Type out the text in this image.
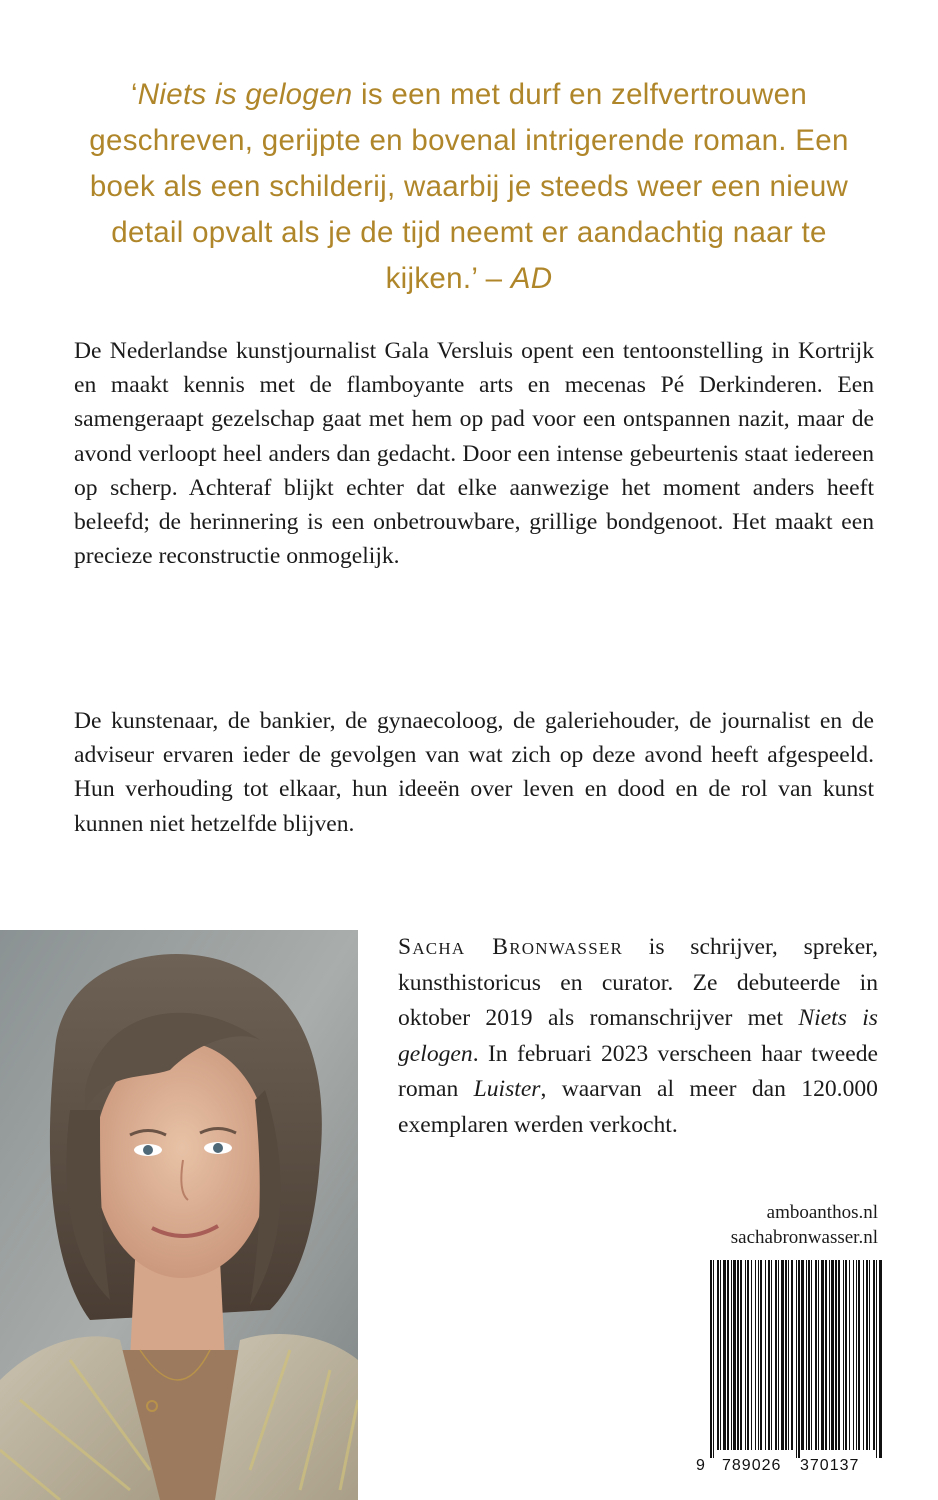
‘Niets is gelogen is een met durf en zelfvertrouwen geschreven, gerijpte en bovenal intrigerende roman. Een boek als een schilderij, waarbij je steeds weer een nieuw detail opvalt als je de tijd neemt er aandachtig naar te kijken.’ – AD

De Nederlandse kunstjournalist Gala Versluis opent een tentoonstelling in Kortrijk en maakt kennis met de flamboyante arts en mecenas Pé Derkinderen. Een samengeraapt gezelschap gaat met hem op pad voor een ontspannen nazit, maar de avond verloopt heel anders dan gedacht. Door een intense gebeurtenis staat iedereen op scherp. Achteraf blijkt echter dat elke aanwezige het moment anders heeft beleefd; de herinnering is een onbetrouwbare, grillige bondgenoot. Het maakt een precieze reconstructie onmogelijk.

De kunstenaar, de bankier, de gynaecoloog, de galeriehouder, de journalist en de adviseur ervaren ieder de gevolgen van wat zich op deze avond heeft afgespeeld. Hun verhouding tot elkaar, hun ideeën over leven en dood en de rol van kunst kunnen niet hetzelfde blijven.

Sacha Bronwasser is schrijver, spreker, kunsthistoricus en curator. Ze debuteerde in oktober 2019 als romanschrijver met Niets is gelogen. In februari 2023 verscheen haar tweede roman Luister, waarvan al meer dan 120.000 exemplaren werden verkocht.

amboanthos.nl
sachabronwasser.nl
9 789026 370137
